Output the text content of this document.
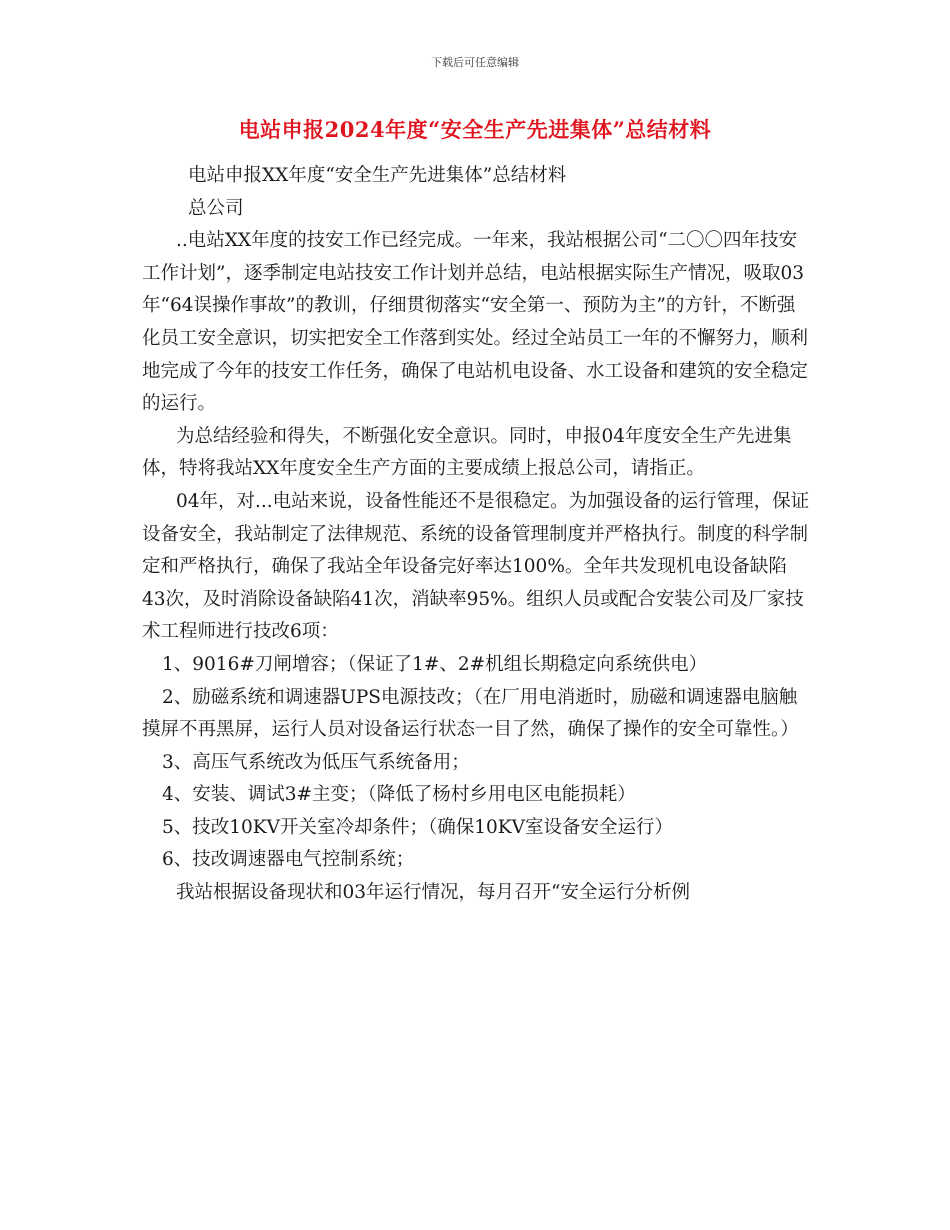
下载后可任意编辑
电站申报2024年度“安全生产先进集体”总结材料

电站申报XX年度“安全生产先进集体”总结材料

总公司

..电站XX年度的技安工作已经完成。一年来，我站根据公司“二〇〇四年技安工作计划”，逐季制定电站技安工作计划并总结，电站根据实际生产情况，吸取03年“64误操作事故”的教训，仔细贯彻落实“安全第一、预防为主”的方针，不断强化员工安全意识，切实把安全工作落到实处。经过全站员工一年的不懈努力，顺利地完成了今年的技安工作任务，确保了电站机电设备、水工设备和建筑的安全稳定的运行。

为总结经验和得失，不断强化安全意识。同时，申报04年度安全生产先进集体，特将我站XX年度安全生产方面的主要成绩上报总公司，请指正。

04年，对...电站来说，设备性能还不是很稳定。为加强设备的运行管理，保证设备安全，我站制定了法律规范、系统的设备管理制度并严格执行。制度的科学制定和严格执行，确保了我站全年设备完好率达100%。全年共发现机电设备缺陷43次，及时消除设备缺陷41次，消缺率95%。组织人员或配合安装公司及厂家技术工程师进行技改6项：

1、9016#刀闸增容；（保证了1#、2#机组长期稳定向系统供电）

2、励磁系统和调速器UPS电源技改；（在厂用电消逝时，励磁和调速器电脑触摸屏不再黑屏，运行人员对设备运行状态一目了然，确保了操作的安全可靠性。）

3、高压气系统改为低压气系统备用；

4、安装、调试3#主变；（降低了杨村乡用电区电能损耗）

5、技改10KV开关室冷却条件；（确保10KV室设备安全运行）

6、技改调速器电气控制系统；

我站根据设备现状和03年运行情况，每月召开“安全运行分析例
